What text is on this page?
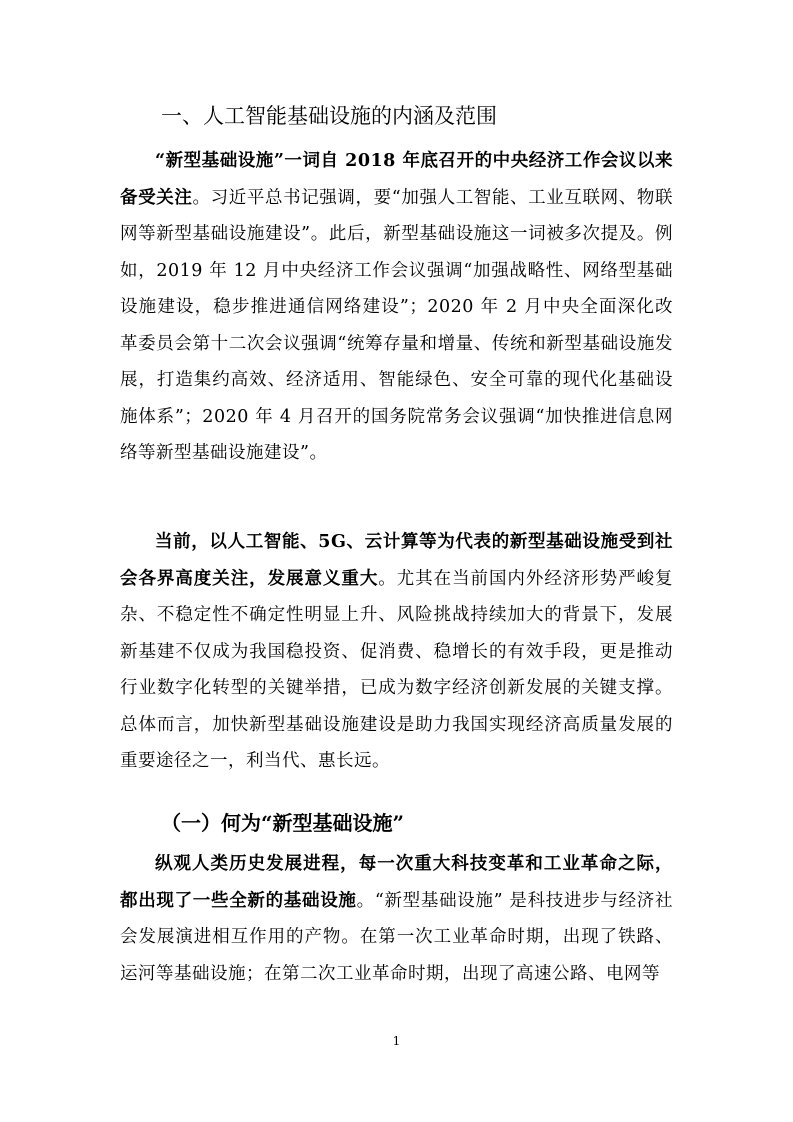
一、人工智能基础设施的内涵及范围

“新型基础设施”一词自 2018 年底召开的中央经济工作会议以来备受关注。习近平总书记强调，要“加强人工智能、工业互联网、物联网等新型基础设施建设”。此后，新型基础设施这一词被多次提及。例如，2019 年 12 月中央经济工作会议强调“加强战略性、网络型基础设施建设，稳步推进通信网络建设”；2020 年 2 月中央全面深化改革委员会第十二次会议强调“统筹存量和增量、传统和新型基础设施发展，打造集约高效、经济适用、智能绿色、安全可靠的现代化基础设施体系”；2020 年 4 月召开的国务院常务会议强调“加快推进信息网络等新型基础设施建设”。

当前，以人工智能、5G、云计算等为代表的新型基础设施受到社会各界高度关注，发展意义重大。尤其在当前国内外经济形势严峻复杂、不稳定性不确定性明显上升、风险挑战持续加大的背景下，发展新基建不仅成为我国稳投资、促消费、稳增长的有效手段，更是推动行业数字化转型的关键举措，已成为数字经济创新发展的关键支撑。总体而言，加快新型基础设施建设是助力我国实现经济高质量发展的重要途径之一，利当代、惠长远。

（一）何为“新型基础设施”

纵观人类历史发展进程，每一次重大科技变革和工业革命之际，都出现了一些全新的基础设施。“新型基础设施” 是科技进步与经济社会发展演进相互作用的产物。在第一次工业革命时期，出现了铁路、运河等基础设施；在第二次工业革命时期，出现了高速公路、电网等

1
